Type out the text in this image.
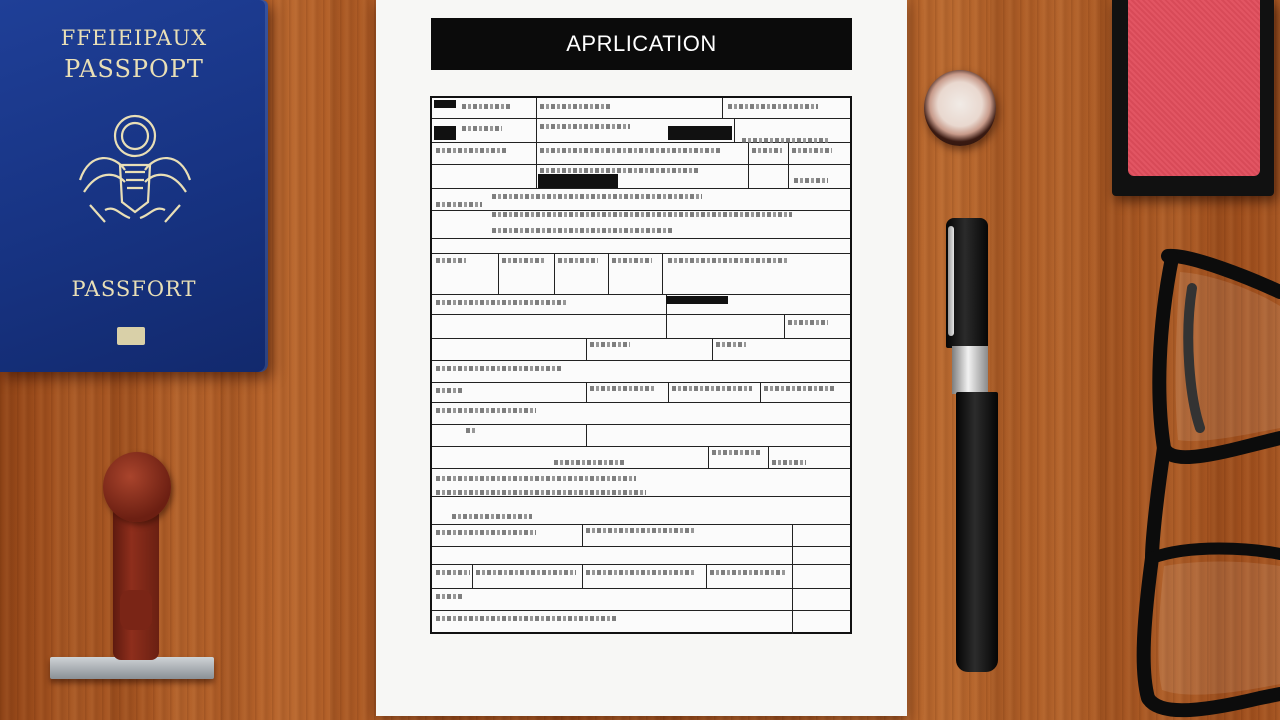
FFEIEIPAUX
PASSPOPT
PASSFORT
APRLICATION
